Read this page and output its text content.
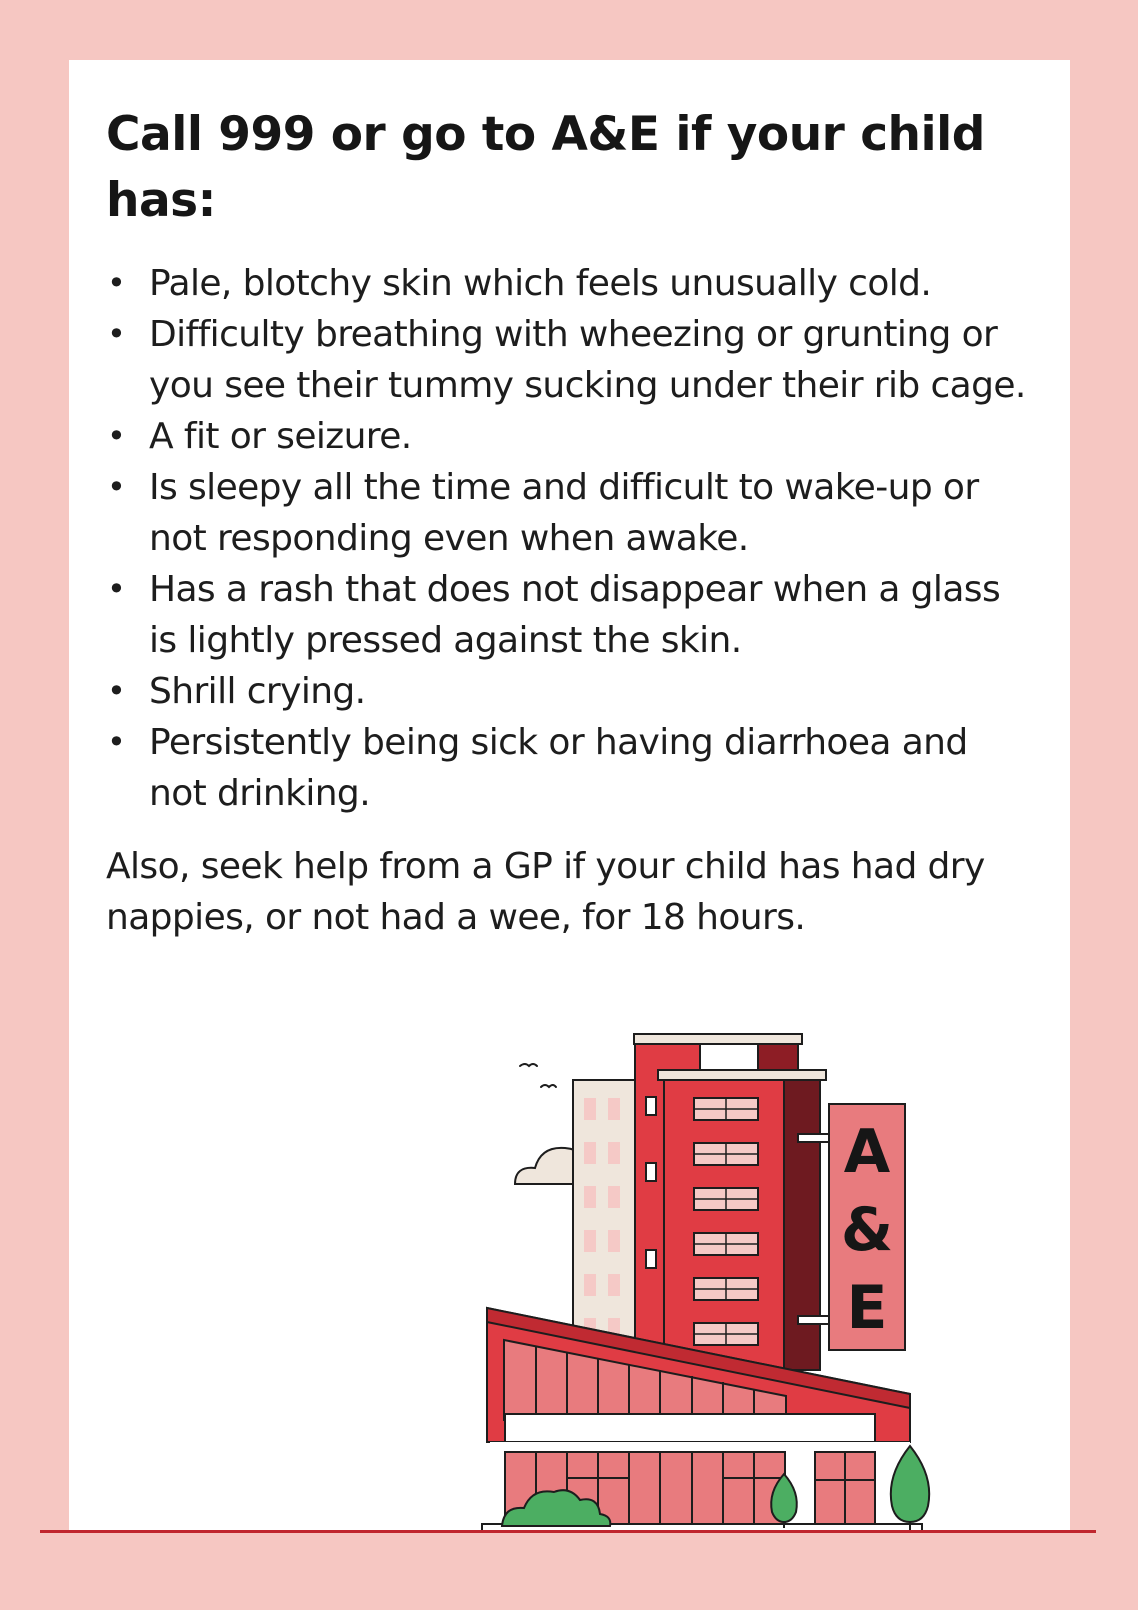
Call 999 or go to A&E if your child has:
• Pale, blotchy skin which feels unusually cold.
• Difficulty breathing with wheezing or grunting or you see their tummy sucking under their rib cage.
• A fit or seizure.
• Is sleepy all the time and difficult to wake-up or not responding even when awake.
• Has a rash that does not disappear when a glass is lightly pressed against the skin.
• Shrill crying.
• Persistently being sick or having diarrhoea and not drinking.

Also, seek help from a GP if your child has had dry nappies, or not had a wee, for 18 hours.

A
&
E
